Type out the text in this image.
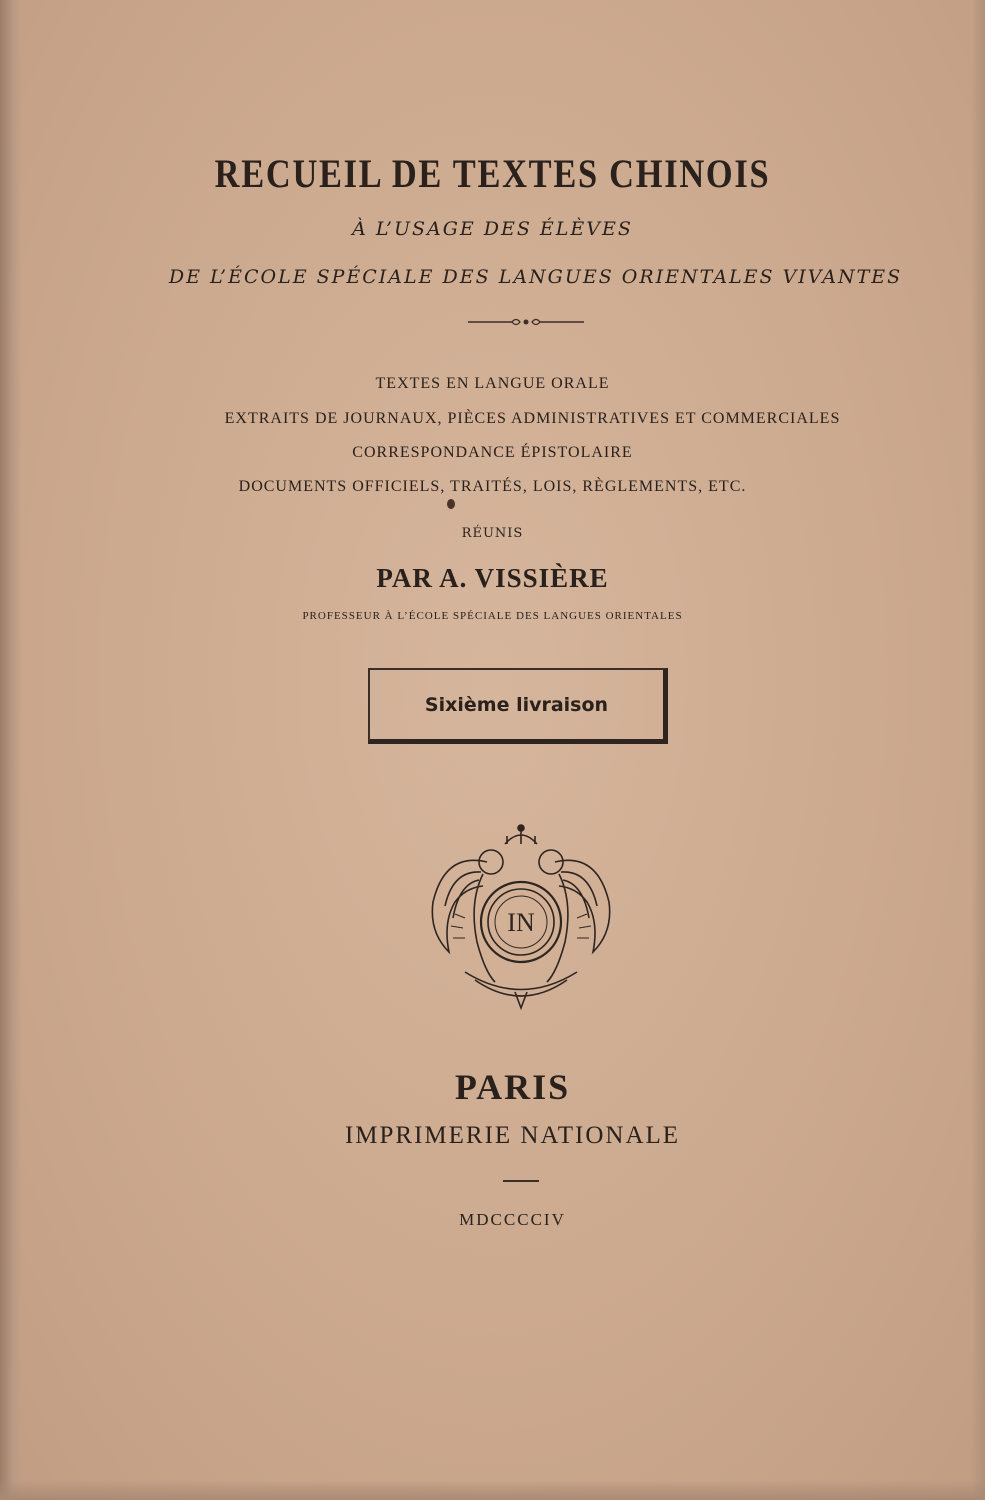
RECUEIL DE TEXTES CHINOIS
À L’USAGE DES ÉLÈVES
DE L’ÉCOLE SPÉCIALE DES LANGUES ORIENTALES VIVANTES
TEXTES EN LANGUE ORALE
EXTRAITS DE JOURNAUX, PIÈCES ADMINISTRATIVES ET COMMERCIALES
CORRESPONDANCE ÉPISTOLAIRE
DOCUMENTS OFFICIELS, TRAITÉS, LOIS, RÈGLEMENTS, ETC.
RÉUNIS
PAR A. VISSIÈRE
PROFESSEUR À L’ÉCOLE SPÉCIALE DES LANGUES ORIENTALES
Sixième livraison
IN
PARIS
IMPRIMERIE NATIONALE
MDCCCCIV
